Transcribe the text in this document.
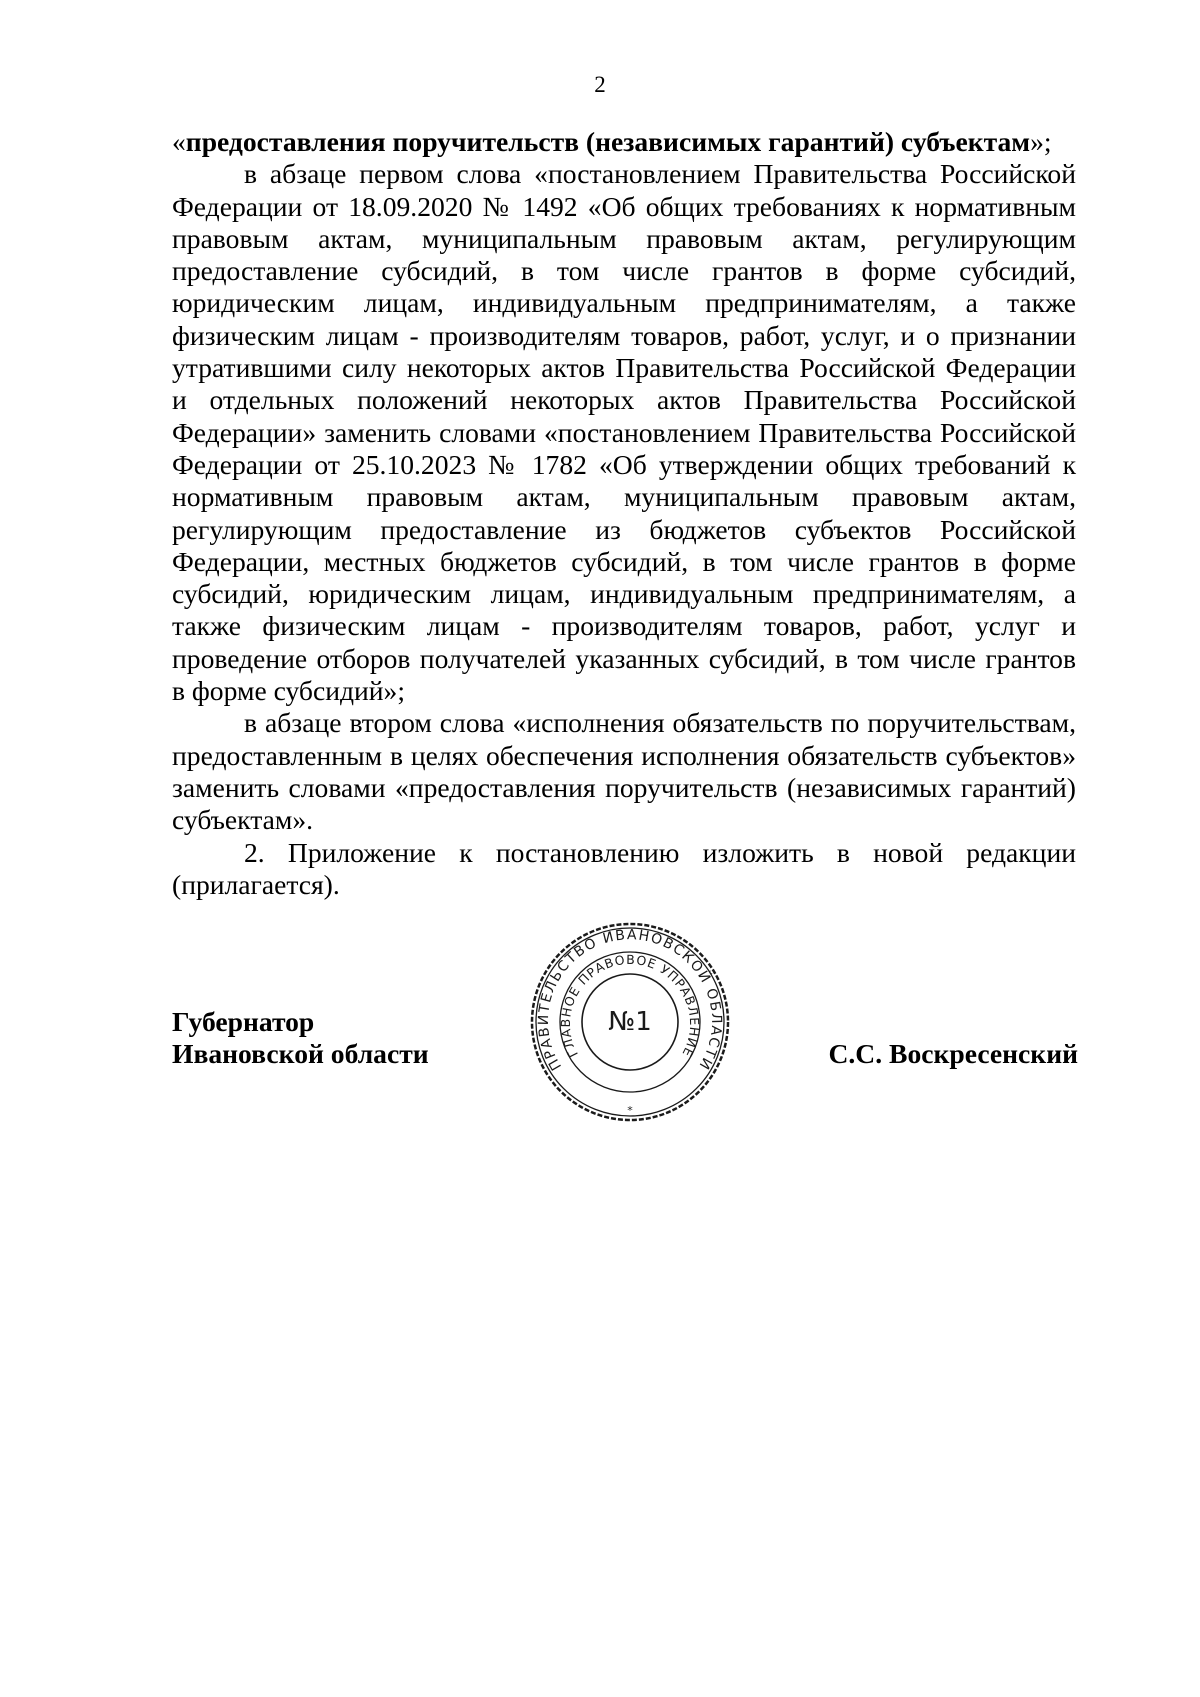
2

«предоставления поручительств (независимых гарантий) субъектам»;

в абзаце первом слова «постановлением Правительства Российской Федерации от 18.09.2020 № 1492 «Об общих требованиях к нормативным правовым актам, муниципальным правовым актам, регулирующим предоставление субсидий, в том числе грантов в форме субсидий, юридическим лицам, индивидуальным предпринимателям, а также физическим лицам - производителям товаров, работ, услуг, и о признании утратившими силу некоторых актов Правительства Российской Федерации и отдельных положений некоторых актов Правительства Российской Федерации» заменить словами «постановлением Правительства Российской Федерации от 25.10.2023 № 1782 «Об утверждении общих требований к нормативным правовым актам, муниципальным правовым актам, регулирующим предоставление из бюджетов субъектов Российской Федерации, местных бюджетов субсидий, в том числе грантов в форме субсидий, юридическим лицам, индивидуальным предпринимателям, а также физическим лицам - производителям товаров, работ, услуг и проведение отборов получателей указанных субсидий, в том числе грантов в форме субсидий»;

в абзаце втором слова «исполнения обязательств по поручительствам, предоставленным в целях обеспечения исполнения обязательств субъектов» заменить словами «предоставления поручительств (независимых гарантий) субъектам».

2. Приложение к постановлению изложить в новой редакции (прилагается).

Губернатор
Ивановской области	С.С. Воскресенский
ПРАВИТЕЛЬСТВО ИВАНОВСКОЙ ОБЛАСТИ
ГЛАВНОЕ ПРАВОВОЕ УПРАВЛЕНИЕ
№1
*
